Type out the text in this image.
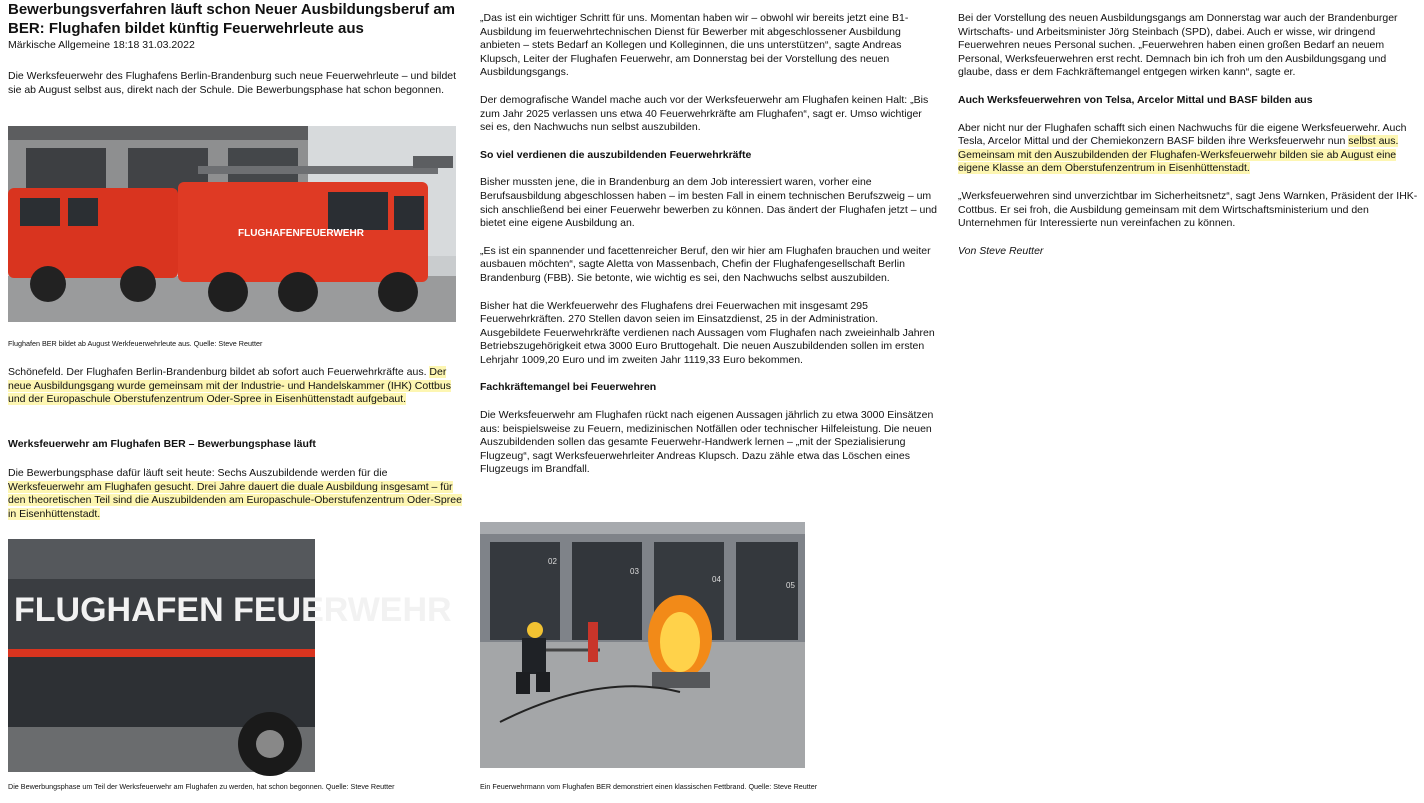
Bewerbungsverfahren läuft schon Neuer Ausbildungsberuf am BER: Flughafen bildet künftig Feuerwehrleute aus
Märkische Allgemeine 18:18 31.03.2022

Die Werksfeuerwehr des Flughafens Berlin-Brandenburg such neue Feuerwehrleute – und bildet sie ab August selbst aus, direkt nach der Schule. Die Bewerbungsphase hat schon begonnen.

FLUGHAFENFEUERWEHR

Flughafen BER bildet ab August Werkfeuerwehrleute aus. Quelle: Steve Reutter

Schönefeld. Der Flughafen Berlin-Brandenburg bildet ab sofort auch Feuerwehrkräfte aus. Der neue Ausbildungsgang wurde gemeinsam mit der Industrie- und Handelskammer (IHK) Cottbus und der Europaschule Oberstufenzentrum Oder-Spree in Eisenhüttenstadt aufgebaut.

Werksfeuerwehr am Flughafen BER – Bewerbungsphase läuft

Die Bewerbungsphase dafür läuft seit heute: Sechs Auszubildende werden für die Werksfeuerwehr am Flughafen gesucht. Drei Jahre dauert die duale Ausbildung insgesamt – für den theoretischen Teil sind die Auszubildenden am Europaschule-Oberstufenzentrum Oder-Spree in Eisenhüttenstadt.

FLUGHAFEN FEUERWEHR
Die Bewerbungsphase um Teil der Werksfeuerwehr am Flughafen zu werden, hat schon begonnen. Quelle: Steve Reutter

„Das ist ein wichtiger Schritt für uns. Momentan haben wir – obwohl wir bereits jetzt eine B1-Ausbildung im feuerwehrtechnischen Dienst für Bewerber mit abgeschlossener Ausbildung anbieten – stets Bedarf an Kollegen und Kolleginnen, die uns unterstützen“, sagte Andreas Klupsch, Leiter der Flughafen Feuerwehr, am Donnerstag bei der Vorstellung des neuen Ausbildungsgangs.

Der demografische Wandel mache auch vor der Werksfeuerwehr am Flughafen keinen Halt: „Bis zum Jahr 2025 verlassen uns etwa 40 Feuerwehrkräfte am Flughafen“, sagt er. Umso wichtiger sei es, den Nachwuchs nun selbst auszubilden.

So viel verdienen die auszubildenden Feuerwehrkräfte

Bisher mussten jene, die in Brandenburg an dem Job interessiert waren, vorher eine Berufsausbildung abgeschlossen haben – im besten Fall in einem technischen Berufszweig – um sich anschließend bei einer Feuerwehr bewerben zu können. Das ändert der Flughafen jetzt – und bietet eine eigene Ausbildung an.

„Es ist ein spannender und facettenreicher Beruf, den wir hier am Flughafen brauchen und weiter ausbauen möchten“, sagte Aletta von Massenbach, Chefin der Flughafengesellschaft Berlin Brandenburg (FBB). Sie betonte, wie wichtig es sei, den Nachwuchs selbst auszubilden.

Bisher hat die Werkfeuerwehr des Flughafens drei Feuerwachen mit insgesamt 295 Feuerwehrkräften. 270 Stellen davon seien im Einsatzdienst, 25 in der Administration. Ausgebildete Feuerwehrkräfte verdienen nach Aussagen vom Flughafen nach zweieinhalb Jahren Betriebszugehörigkeit etwa 3000 Euro Bruttogehalt. Die neuen Auszubildenden sollen im ersten Lehrjahr 1009,20 Euro und im zweiten Jahr 1119,33 Euro bekommen.

Fachkräftemangel bei Feuerwehren

Die Werksfeuerwehr am Flughafen rückt nach eigenen Aussagen jährlich zu etwa 3000 Einsätzen aus: beispielsweise zu Feuern, medizinischen Notfällen oder technischer Hilfeleistung. Die neuen Auszubildenden sollen das gesamte Feuerwehr-Handwerk lernen – „mit der Spezialisierung Flugzeug“, sagt Werksfeuerwehrleiter Andreas Klupsch. Dazu zähle etwa das Löschen eines Flugzeugs im Brandfall.

02
03
04
05
Ein Feuerwehrmann vom Flughafen BER demonstriert einen klassischen Fettbrand. Quelle: Steve Reutter

Bei der Vorstellung des neuen Ausbildungsgangs am Donnerstag war auch der Brandenburger Wirtschafts- und Arbeitsminister Jörg Steinbach (SPD), dabei. Auch er wisse, wir dringend Feuerwehren neues Personal suchen. „Feuerwehren haben einen großen Bedarf an neuem Personal, Werksfeuerwehren erst recht. Demnach bin ich froh um den Ausbildungsgang und glaube, dass er dem Fachkräftemangel entgegen wirken kann“, sagte er.

Auch Werksfeuerwehren von Telsa, Arcelor Mittal und BASF bilden aus

Aber nicht nur der Flughafen schafft sich einen Nachwuchs für die eigene Werksfeuerwehr. Auch Tesla, Arcelor Mittal und der Chemiekonzern BASF bilden ihre Werksfeuerwehr nun selbst aus. Gemeinsam mit den Auszubildenden der Flughafen-Werksfeuerwehr bilden sie ab August eine eigene Klasse an dem Oberstufenzentrum in Eisenhüttenstadt.

„Werksfeuerwehren sind unverzichtbar im Sicherheitsnetz“, sagt Jens Warnken, Präsident der IHK-Cottbus. Er sei froh, die Ausbildung gemeinsam mit dem Wirtschaftsministerium und den Unternehmen für Interessierte nun vereinfachen zu können.

Von Steve Reutter
